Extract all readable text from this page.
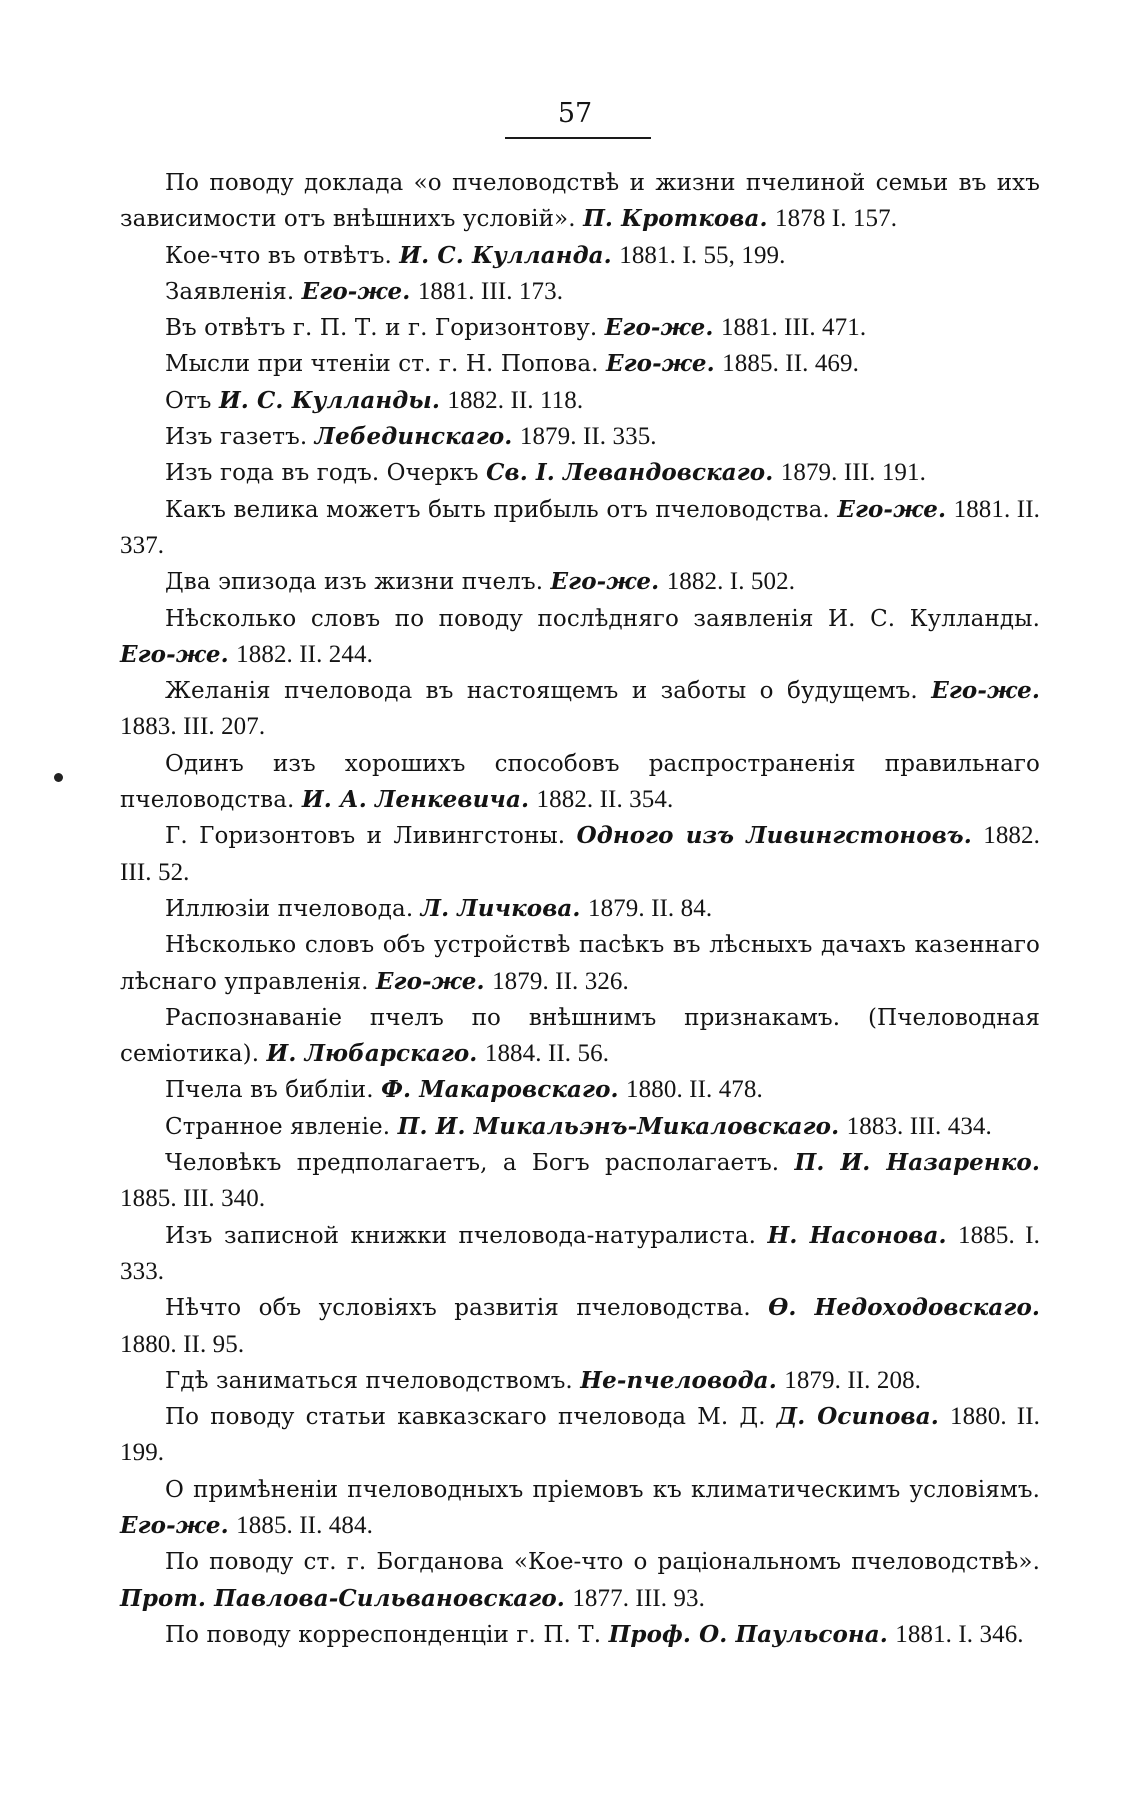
57

По поводу доклада «о пчеловодствѣ и жизни пчелиной семьи въ ихъ зависимости отъ внѣшнихъ условій». П. Кроткова. 1878 I. 157.

Кое-что въ отвѣтъ. И. С. Кулланда. 1881. I. 55, 199.

Заявленія. Его-же. 1881. III. 173.

Въ отвѣтъ г. П. Т. и г. Горизонтову. Его-же. 1881. III. 471.

Мысли при чтеніи ст. г. Н. Попова. Его-же. 1885. II. 469.

Отъ И. С. Кулланды. 1882. II. 118.

Изъ газетъ. Лебединскаго. 1879. II. 335.

Изъ года въ годъ. Очеркъ Св. І. Левандовскаго. 1879. III. 191.

Какъ велика можетъ быть прибыль отъ пчеловодства. Его-же. 1881. II. 337.

Два эпизода изъ жизни пчелъ. Его-же. 1882. I. 502.

Нѣсколько словъ по поводу послѣдняго заявленія И. С. Кулланды. Его-же. 1882. II. 244.

Желанія пчеловода въ настоящемъ и заботы о будущемъ. Его-же. 1883. III. 207.

Одинъ изъ хорошихъ способовъ распространенія правильнаго пчеловодства. И. А. Ленкевича. 1882. II. 354.

Г. Горизонтовъ и Ливингстоны. Одного изъ Ливингстоновъ. 1882. III. 52.

Иллюзіи пчеловода. Л. Личкова. 1879. II. 84.

Нѣсколько словъ объ устройствѣ пасѣкъ въ лѣсныхъ дачахъ казеннаго лѣснаго управленія. Его-же. 1879. II. 326.

Распознаваніе пчелъ по внѣшнимъ признакамъ. (Пчеловодная семіотика). И. Любарскаго. 1884. II. 56.

Пчела въ библіи. Ф. Макаровскаго. 1880. II. 478.

Странное явленіе. П. И. Микальэнъ-Микаловскаго. 1883. III. 434.

Человѣкъ предполагаетъ, а Богъ располагаетъ. П. И. Назаренко. 1885. III. 340.

Изъ записной книжки пчеловода-натуралиста. Н. Насонова. 1885. I. 333.

Нѣчто объ условіяхъ развитія пчеловодства. Ѳ. Недоходовскаго. 1880. II. 95.

Гдѣ заниматься пчеловодствомъ. Не-пчеловода. 1879. II. 208.

По поводу статьи кавказскаго пчеловода М. Д. Д. Осипова. 1880. II. 199.

О примѣненіи пчеловодныхъ пріемовъ къ климатическимъ условіямъ. Его-же. 1885. II. 484.

По поводу ст. г. Богданова «Кое-что о раціональномъ пчеловодствѣ». Прот. Павлова-Сильвановскаго. 1877. III. 93.

По поводу корреспонденціи г. П. Т. Проф. О. Паульсона. 1881. I. 346.
